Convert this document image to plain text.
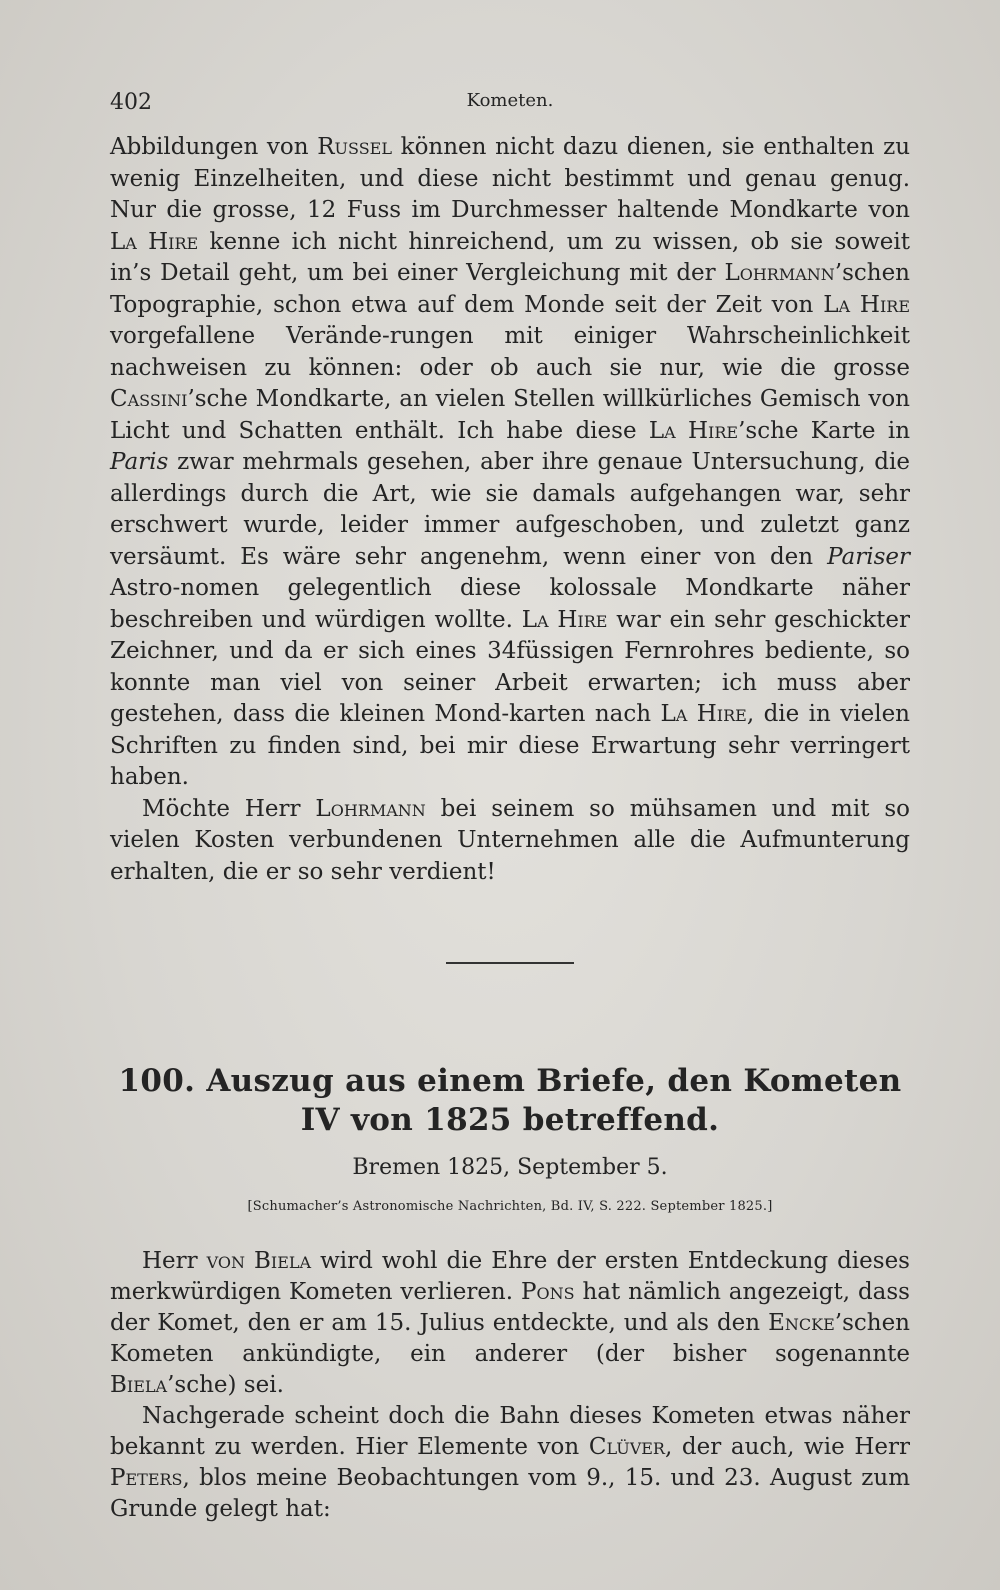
402	Kometen.

Abbildungen von Russel können nicht dazu dienen, sie enthalten zu wenig Einzelheiten, und diese nicht bestimmt und genau genug. Nur die grosse, 12 Fuss im Durchmesser haltende Mondkarte von La Hire kenne ich nicht hinreichend, um zu wissen, ob sie soweit in’s Detail geht, um bei einer Vergleichung mit der Lohrmann’schen Topographie, schon etwa auf dem Monde seit der Zeit von La Hire vorgefallene Verände-rungen mit einiger Wahrscheinlichkeit nachweisen zu können: oder ob auch sie nur, wie die grosse Cassini’sche Mondkarte, an vielen Stellen willkürliches Gemisch von Licht und Schatten enthält. Ich habe diese La Hire’sche Karte in Paris zwar mehrmals gesehen, aber ihre genaue Untersuchung, die allerdings durch die Art, wie sie damals aufgehangen war, sehr erschwert wurde, leider immer aufgeschoben, und zuletzt ganz versäumt. Es wäre sehr angenehm, wenn einer von den Pariser Astro-nomen gelegentlich diese kolossale Mondkarte näher beschreiben und würdigen wollte. La Hire war ein sehr geschickter Zeichner, und da er sich eines 34füssigen Fernrohres bediente, so konnte man viel von seiner Arbeit erwarten; ich muss aber gestehen, dass die kleinen Mond-karten nach La Hire, die in vielen Schriften zu finden sind, bei mir diese Erwartung sehr verringert haben.

Möchte Herr Lohrmann bei seinem so mühsamen und mit so vielen Kosten verbundenen Unternehmen alle die Aufmunterung erhalten, die er so sehr verdient!

100. Auszug aus einem Briefe, den Kometen IV von 1825 betreffend.
Bremen 1825, September 5.
[Schumacher’s Astronomische Nachrichten, Bd. IV, S. 222. September 1825.]

Herr von Biela wird wohl die Ehre der ersten Entdeckung dieses merkwürdigen Kometen verlieren. Pons hat nämlich angezeigt, dass der Komet, den er am 15. Julius entdeckte, und als den Encke’schen Kometen ankündigte, ein anderer (der bisher sogenannte Biela’sche) sei.

Nachgerade scheint doch die Bahn dieses Kometen etwas näher bekannt zu werden. Hier Elemente von Clüver, der auch, wie Herr Peters, blos meine Beobachtungen vom 9., 15. und 23. August zum Grunde gelegt hat:
